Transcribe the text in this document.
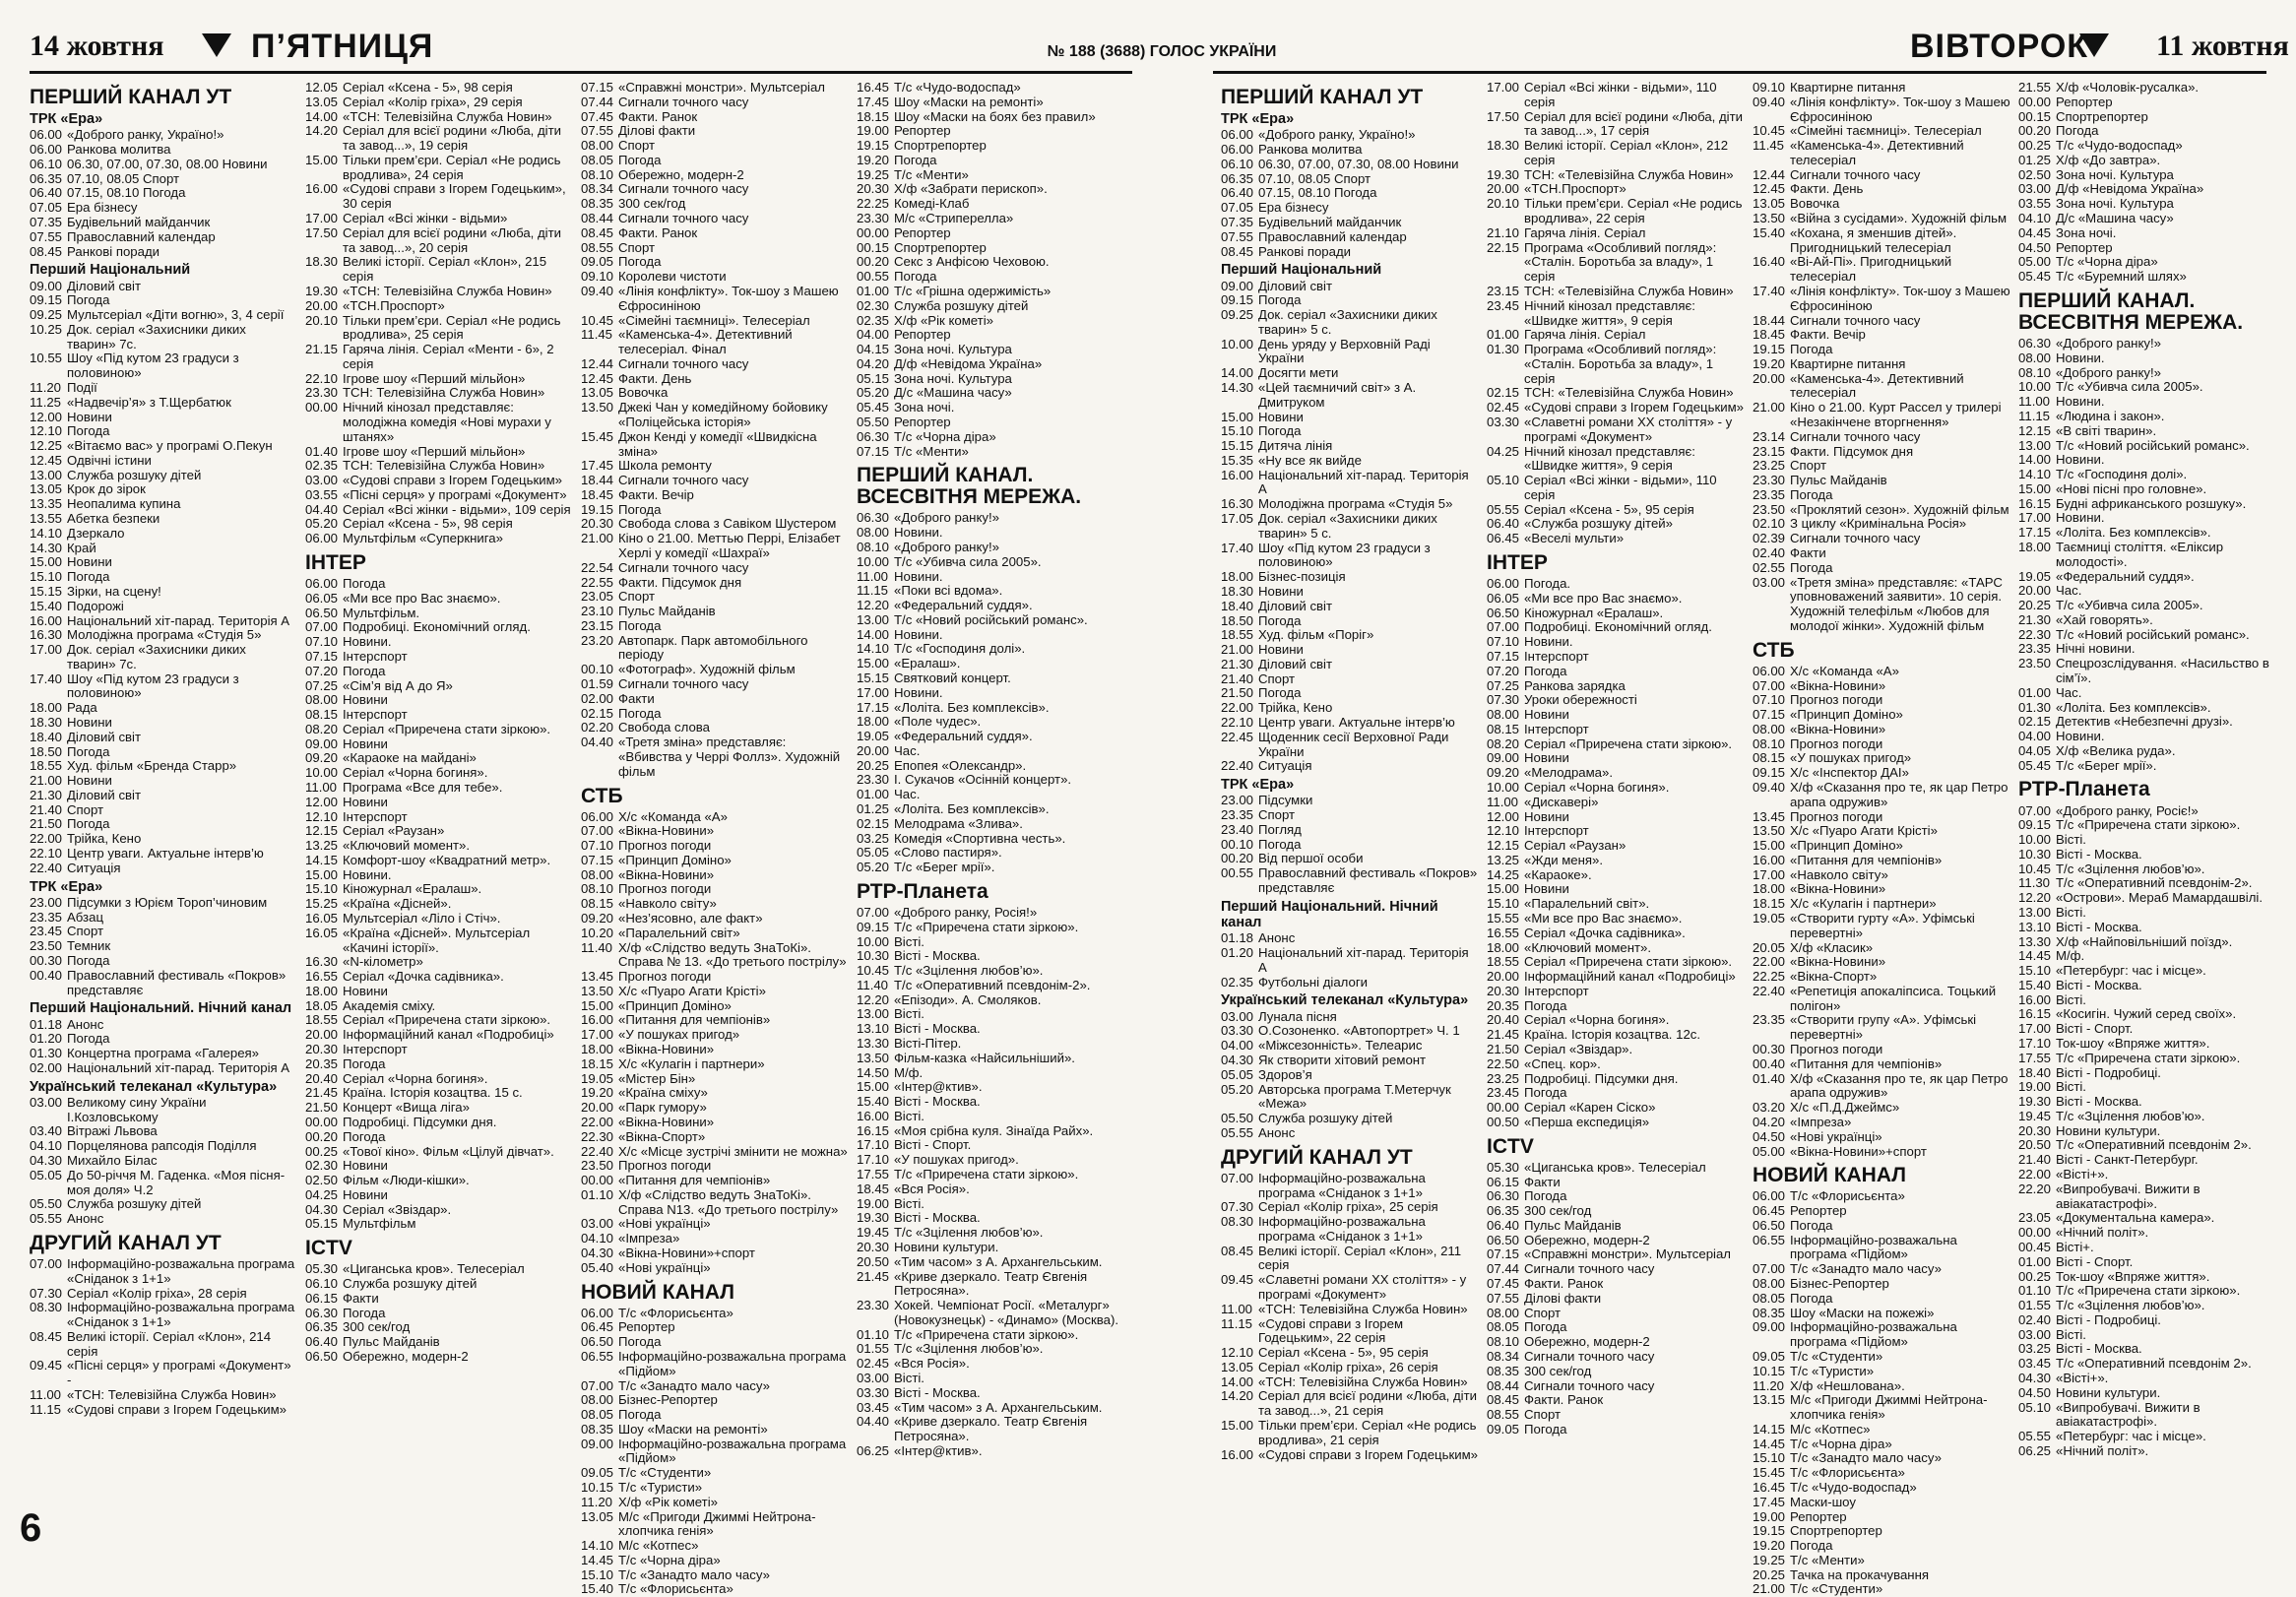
14 жовтня	П’ЯТНИЦЯ	№ 188 (3688) ГОЛОС УКРАЇНИ	ВІВТОРОК 11 жовтня
ПЕРШИЙ КАНАЛ УТ
ТРК «Ера»
06.00 «Доброго ранку, Україно!»
06.00 Ранкова молитва
06.10 06.30, 07.00, 07.30, 08.00 Новини
06.35 07.10, 08.05 Спорт
06.40 07.15, 08.10 Погода
07.05 Ера бізнесу
07.35 Будівельний майданчик
07.55 Православний календар
08.45 Ранкові поради
Перший Національний
09.00 Діловий світ
09.15 Погода
09.25 Мультсеріал «Діти вогню», 3, 4 серії
10.25 Док. серіал «Захисники диких тварин» 7с.
10.55 Шоу «Під кутом 23 градуси з половиною»
11.20 Події
11.25 «Надвечір’я» з Т.Щербатюк
12.00 Новини
12.10 Погода
12.25 «Вітаємо вас» у програмі О.Пекун
12.45 Одвічні істини
13.00 Служба розшуку дітей
13.05 Крок до зірок
13.35 Неопалима купина
13.55 Абетка безпеки
14.10 Дзеркало
14.30 Край
15.00 Новини
15.10 Погода
15.15 Зірки, на сцену!
15.40 Подорожі
16.00 Національний хіт-парад. Територія А
16.30 Молодіжна програма «Студія 5»
17.00 Док. серіал «Захисники диких тварин» 7с.
17.40 Шоу «Під кутом 23 градуси з половиною»
18.00 Рада
18.30 Новини
18.40 Діловий світ
18.50 Погода
18.55 Худ. фільм «Бренда Старр»
21.00 Новини
21.30 Діловий світ
21.40 Спорт
21.50 Погода
22.00 Трійка, Кено
22.10 Центр уваги. Актуальне інтерв’ю
22.40 Ситуація
ТРК «Ера»
23.00 Підсумки з Юрієм Тороп’чиновим
23.35 Абзац
23.45 Спорт
23.50 Темник
00.30 Погода
00.40 Православний фестиваль «Покров» представляє
Перший Національний. Нічний канал
01.18 Анонс
01.20 Погода
01.30 Концертна програма «Галерея»
02.00 Національний хіт-парад. Територія А
Український телеканал «Культура»
03.00 Великому сину України І.Козловському
03.40 Вітражі Львова
04.10 Порцелянова рапсодія Поділля
04.30 Михайло Білас
05.05 До 50-річчя М. Гаденка. «Моя пісня-моя доля» Ч.2
05.50 Служба розшуку дітей
05.55 Анонс
ДРУГИЙ КАНАЛ УТ
07.00 Інформаційно-розважальна програма «Сніданок з 1+1»
07.30 Серіал «Колір гріха», 28 серія
08.30 Інформаційно-розважальна програма «Сніданок з 1+1»
08.45 Великі історії. Серіал «Клон», 214 серія
09.45 «Пісні серця» у програмі «Документ» -
11.00 «ТСН: Телевізійна Служба Новин»
11.15 «Судові справи з Ігорем Годецьким»
12.05 Серіал «Ксена - 5», 98 серія
13.05 Серіал «Колір гріха», 29 серія
14.00 «ТСН: Телевізійна Служба Новин»
14.20 Серіал для всієї родини «Люба, діти та завод...», 19 серія
15.00 Тільки прем’єри. Серіал «Не родись вродлива», 24 серія
16.00 «Судові справи з Ігорем Годецьким», 30 серія
17.00 Серіал «Всі жінки - відьми»
17.50 Серіал для всієї родини «Люба, діти та завод...», 20 серія
18.30 Великі історії. Серіал «Клон», 215 серія
19.30 «ТСН: Телевізійна Служба Новин»
20.00 «ТСН.Проспорт»
20.10 Тільки прем’єри. Серіал «Не родись вродлива», 25 серія
21.15 Гаряча лінія. Серіал «Менти - 6», 2 серія
22.10 Ігрове шоу «Перший мільйон»
23.30 ТСН: Телевізійна Служба Новин»
00.00 Нічний кінозал представляє: молодіжна комедія «Нові мурахи у штанях»
01.40 Ігрове шоу «Перший мільйон»
02.35 ТСН: Телевізійна Служба Новин»
03.00 «Судові справи з Ігорем Годецьким»
03.55 «Пісні серця» у програмі «Документ»
04.40 Серіал «Всі жінки - відьми», 109 серія
05.20 Серіал «Ксена - 5», 98 серія
06.00 Мультфільм «Суперкнига»
ІНТЕР
06.00 Погода
06.05 «Ми все про Вас знаємо».
06.50 Мультфільм.
07.00 Подробиці. Економічний огляд.
07.10 Новини.
07.15 Інтерспорт
07.20 Погода
07.25 «Сім’я від А до Я»
08.00 Новини
08.15 Інтерспорт
08.20 Серіал «Приречена стати зіркою».
09.00 Новини
09.20 «Караоке на майдані»
10.00 Серіал «Чорна богиня».
11.00 Програма «Все для тебе».
12.00 Новини
12.10 Інтерспорт
12.15 Серіал «Раузан»
13.25 «Ключовий момент».
14.15 Комфорт-шоу «Квадратний метр».
15.00 Новини.
15.10 Кіножурнал «Ералаш».
15.25 «Країна «Дісней».
16.05 Мультсеріал «Ліло і Стіч».
16.05 «Країна «Дісней». Мультсеріал «Качині історії».
16.30 «N-кілометр»
16.55 Серіал «Дочка садівника».
18.00 Новини
18.05 Академія сміху.
18.55 Серіал «Приречена стати зіркою».
20.00 Інформаційний канал «Подробиці»
20.30 Інтерспорт
20.35 Погода
20.40 Серіал «Чорна богиня».
21.45 Країна. Історія козацтва. 15 с.
21.50 Концерт «Вища ліга»
00.00 Подробиці. Підсумки дня.
00.20 Погода
00.25 «Тової кіно». Фільм «Цілуй дівчат».
02.30 Новини
02.50 Фільм «Люди-кішки».
04.25 Новини
04.30 Серіал «Звіздар».
05.15 Мультфільм
ICTV
05.30 «Циганська кров». Телесеріал
06.10 Служба розшуку дітей
06.15 Факти
06.30 Погода
06.35 300 сек/год
06.40 Пульс Майданів
06.50 Обережно, модерн-2
07.15 «Справжні монстри». Мультсеріал
07.44 Сигнали точного часу
07.45 Факти. Ранок
07.55 Ділові факти
08.00 Спорт
08.05 Погода
08.10 Обережно, модерн-2
08.34 Сигнали точного часу
08.35 300 сек/год
08.44 Сигнали точного часу
08.45 Факти. Ранок
08.55 Спорт
09.05 Погода
09.10 Королеви чистоти
09.40 «Лінія конфлікту». Ток-шоу з Машею Єфросиніною
10.45 «Сімейні таємниці». Телесеріал
11.45 «Каменська-4». Детективний телесеріал. Фінал
12.44 Сигнали точного часу
12.45 Факти. День
13.05 Вовочка
13.50 Джекі Чан у комедійному бойовику «Поліцейська історія»
15.45 Джон Кенді у комедії «Швидкісна зміна»
17.45 Школа ремонту
18.44 Сигнали точного часу
18.45 Факти. Вечір
19.15 Погода
20.30 Свобода слова з Савіком Шустером
21.00 Кіно о 21.00. Меттью Перрі, Елізабет Херлі у комедії «Шахраї»
22.54 Сигнали точного часу
22.55 Факти. Підсумок дня
23.05 Спорт
23.10 Пульс Майданів
23.15 Погода
23.20 Автопарк. Парк автомобільного періоду
00.10 «Фотограф». Художній фільм
01.59 Сигнали точного часу
02.00 Факти
02.15 Погода
02.20 Свобода слова
04.40 «Третя зміна» представляє: «Вбивства у Черрі Фоллз». Художній фільм
СТБ
06.00 Х/с «Команда «А»
07.00 «Вікна-Новини»
07.10 Прогноз погоди
07.15 «Принцип Доміно»
08.00 «Вікна-Новини»
08.10 Прогноз погоди
08.15 «Навколо світу»
09.20 «Нез’ясовно, але факт»
10.20 «Паралельний світ»
11.40 Х/ф «Слідство ведуть ЗнаТоКі». Справа № 13. «До третього пострілу»
13.45 Прогноз погоди
13.50 Х/с «Пуаро Агати Крісті»
15.00 «Принцип Доміно»
16.00 «Питання для чемпіонів»
17.00 «У пошуках пригод»
18.00 «Вікна-Новини»
18.15 Х/с «Кулагін і партнери»
19.05 «Містер Бін»
19.20 «Країна сміху»
20.00 «Парк гумору»
22.00 «Вікна-Новини»
22.30 «Вікна-Спорт»
22.40 Х/с «Місце зустрічі змінити не можна»
23.50 Прогноз погоди
00.00 «Питання для чемпіонів»
01.10 Х/ф «Слідство ведуть ЗнаТоКі». Справа N13. «До третього пострілу»
03.00 «Нові українці»
04.10 «Імпреза»
04.30 «Вікна-Новини»+спорт
05.40 «Нові українці»
НОВИЙ КАНАЛ
06.00 Т/с «Флорисьєнта»
06.45 Репортер
06.50 Погода
06.55 Інформаційно-розважальна програма «Підйом»
07.00 Т/с «Занадто мало часу»
08.00 Бізнес-Репортер
08.05 Погода
08.35 Шоу «Маски на ремонті»
09.00 Інформаційно-розважальна програма «Підйом»
09.05 Т/с «Студенти»
10.15 Т/с «Туристи»
11.20 Х/ф «Рік кометі»
13.05 М/с «Пригоди Джиммі Нейтрона-хлопчика генія»
14.10 М/с «Котпес»
14.45 Т/с «Чорна діра»
15.10 Т/с «Занадто мало часу»
15.40 Т/с «Флорисьєнта»
16.45 Т/с «Чудо-водоспад»
17.45 Шоу «Маски на ремонті»
18.15 Шоу «Маски на боях без правил»
19.00 Репортер
19.15 Спортрепортер
19.20 Погода
19.25 Т/с «Менти»
20.30 Х/ф «Забрати перископ».
22.25 Комеді-Клаб
23.30 М/с «Стриперелла»
00.00 Репортер
00.15 Спортрепортер
00.20 Секс з Анфісою Чеховою.
00.55 Погода
01.00 Т/с «Грішна одержимість»
02.30 Служба розшуку дітей
02.35 Х/ф «Рік кометі»
04.00 Репортер
04.15 Зона ночі. Культура
04.20 Д/ф «Невідома Україна»
05.15 Зона ночі. Культура
05.20 Д/с «Машина часу»
05.45 Зона ночі.
05.50 Репортер
06.30 Т/с «Чорна діра»
07.15 Т/с «Менти»
ПЕРШИЙ КАНАЛ. ВСЕСВІТНЯ МЕРЕЖА.
06.30 «Доброго ранку!»
08.00 Новини.
08.10 «Доброго ранку!»
10.00 Т/с «Убивча сила 2005».
11.00 Новини.
11.15 «Поки всі вдома».
12.20 «Федеральний суддя».
13.00 Т/с «Новий російський романс».
14.00 Новини.
14.10 Т/с «Господиня долі».
15.00 «Ералаш».
15.15 Святковий концерт.
17.00 Новини.
17.15 «Лоліта. Без комплексів».
18.00 «Поле чудес».
19.05 «Федеральний суддя».
20.00 Час.
20.25 Епопея «Олександр».
23.30 І. Сукачов «Осінній концерт».
01.00 Час.
01.25 «Лоліта. Без комплексів».
02.15 Мелодрама «Злива».
03.25 Комедія «Спортивна честь».
05.05 «Слово пастиря».
05.20 Т/с «Берег мрії».
РТР-Планета
07.00 «Доброго ранку, Росія!»
09.15 Т/с «Приречена стати зіркою».
10.00 Вісті.
10.30 Вісті - Москва.
10.45 Т/с «Зцілення любов’ю».
11.40 Т/с «Оперативний псевдонім-2».
12.20 «Епізоди». А. Смоляков.
13.00 Вісті.
13.10 Вісті - Москва.
13.30 Вісті-Пітер.
13.50 Фільм-казка «Найсильніший».
14.50 М/ф.
15.00 «Інтер@ктив».
15.40 Вісті - Москва.
16.00 Вісті.
16.15 «Моя срібна куля. Зінаїда Райх».
17.10 Вісті - Спорт.
17.10 «У пошуках пригод».
17.55 Т/с «Приречена стати зіркою».
18.45 «Вся Росія».
19.00 Вісті.
19.30 Вісті - Москва.
19.45 Т/с «Зцілення любов’ю».
20.30 Новини культури.
20.50 «Тим часом» з А. Архангельським.
21.45 «Криве дзеркало. Театр Євгенія Петросяна».
23.30 Хокей. Чемпіонат Росії. «Металург» (Новокузнецьк) - «Динамо» (Москва).
01.10 Т/с «Приречена стати зіркою».
01.55 Т/с «Зцілення любов’ю».
02.45 «Вся Росія».
03.00 Вісті.
03.30 Вісті - Москва.
03.45 «Тим часом» з А. Архангельським.
04.40 «Криве дзеркало. Театр Євгенія Петросяна».
06.25 «Інтер@ктив».
ПЕРШИЙ КАНАЛ УТ
ТРК «Ера»
06.00 «Доброго ранку, Україно!»
06.00 Ранкова молитва
06.10 06.30, 07.00, 07.30, 08.00 Новини
06.35 07.10, 08.05 Спорт
06.40 07.15, 08.10 Погода
07.05 Ера бізнесу
07.35 Будівельний майданчик
07.55 Православний календар
08.45 Ранкові поради
Перший Національний
09.00 Діловий світ
09.15 Погода
09.25 Док. серіал «Захисники диких тварин» 5 с.
10.00 День уряду у Верховній Раді України
14.00 Досягти мети
14.30 «Цей таємничий світ» з А. Дмитруком
15.00 Новини
15.10 Погода
15.15 Дитяча лінія
15.35 «Ну все як вийде
16.00 Національний хіт-парад. Територія А
16.30 Молодіжна програма «Студія 5»
17.05 Док. серіал «Захисники диких тварин» 5 с.
17.40 Шоу «Під кутом 23 градуси з половиною»
18.00 Бізнес-позиція
18.30 Новини
18.40 Діловий світ
18.50 Погода
18.55 Худ. фільм «Поріг»
21.00 Новини
21.30 Діловий світ
21.40 Спорт
21.50 Погода
22.00 Трійка, Кено
22.10 Центр уваги. Актуальне інтерв’ю
22.45 Щоденник сесії Верховної Ради України
22.40 Ситуація
ТРК «Ера»
23.00 Підсумки
23.35 Спорт
23.40 Погляд
00.10 Погода
00.20 Від першої особи
00.55 Православний фестиваль «Покров» представляє
Перший Національний. Нічний канал
01.18 Анонс
01.20 Національний хіт-парад. Територія А
02.35 Футбольні діалоги
Український телеканал «Культура»
03.00 Лунала пісня
03.30 О.Созоненко. «Автопортрет» Ч. 1
04.00 «Міжсезонність». Телеарис
04.30 Як створити хітовий ремонт
05.05 Здоров’я
05.20 Авторська програма Т.Метерчук «Межа»
05.50 Служба розшуку дітей
05.55 Анонс
ДРУГИЙ КАНАЛ УТ
07.00 Інформаційно-розважальна програма «Сніданок з 1+1»
07.30 Серіал «Колір гріха», 25 серія
08.30 Інформаційно-розважальна програма «Сніданок з 1+1»
08.45 Великі історії. Серіал «Клон», 211 серія
09.45 «Славетні романи XX століття» - у програмі «Документ»
11.00 «ТСН: Телевізійна Служба Новин»
11.15 «Судові справи з Ігорем Годецьким», 22 серія
12.10 Серіал «Ксена - 5», 95 серія
13.05 Серіал «Колір гріха», 26 серія
14.00 «ТСН: Телевізійна Служба Новин»
14.20 Серіал для всієї родини «Люба, діти та завод...», 21 серія
15.00 Тільки прем’єри. Серіал «Не родись вродлива», 21 серія
16.00 «Судові справи з Ігорем Годецьким»
17.00 Серіал «Всі жінки - відьми», 110 серія
17.50 Серіал для всієї родини «Люба, діти та завод...», 17 серія
18.30 Великі історії. Серіал «Клон», 212 серія
19.30 ТСН: «Телевізійна Служба Новин»
20.00 «ТСН.Проспорт»
20.10 Тільки прем’єри. Серіал «Не родись вродлива», 22 серія
21.10 Гаряча лінія. Серіал
22.15 Програма «Особливий погляд»: «Сталін. Боротьба за владу», 1 серія
23.15 ТСН: «Телевізійна Служба Новин»
23.45 Нічний кінозал представляє: «Швидке життя», 9 серія
01.00 Гаряча лінія. Серіал
01.30 Програма «Особливий погляд»: «Сталін. Боротьба за владу», 1 серія
02.15 ТСН: «Телевізійна Служба Новин»
02.45 «Судові справи з Ігорем Годецьким»
03.30 «Славетні романи XX століття» - у програмі «Документ»
04.25 Нічний кінозал представляє: «Швидке життя», 9 серія
05.10 Серіал «Всі жінки - відьми», 110 серія
05.55 Серіал «Ксена - 5», 95 серія
06.40 «Служба розшуку дітей»
06.45 «Веселі мульти»
ІНТЕР
06.00 Погода.
06.05 «Ми все про Вас знаємо».
06.50 Кіножурнал «Ералаш».
07.00 Подробиці. Економічний огляд.
07.10 Новини.
07.15 Інтерспорт
07.20 Погода
07.25 Ранкова зарядка
07.30 Уроки обережності
08.00 Новини
08.15 Інтерспорт
08.20 Серіал «Приречена стати зіркою».
09.00 Новини
09.20 «Мелодрама».
10.00 Серіал «Чорна богиня».
11.00 «Дискавері»
12.00 Новини
12.10 Інтерспорт
12.15 Серіал «Раузан»
13.25 «Жди меня».
14.25 «Караоке».
15.00 Новини
15.10 «Паралельний світ».
15.55 «Ми все про Вас знаємо».
16.55 Серіал «Дочка садівника».
18.00 «Ключовий момент».
18.55 Серіал «Приречена стати зіркою».
20.00 Інформаційний канал «Подробиці»
20.30 Інтерспорт
20.35 Погода
20.40 Серіал «Чорна богиня».
21.45 Країна. Історія козацтва. 12с.
21.50 Серіал «Звіздар».
22.50 «Спец. кор».
23.25 Подробиці. Підсумки дня.
23.45 Погода
00.00 Серіал «Карен Сіско»
00.50 «Перша експедиція»
ICTV
05.30 «Циганська кров». Телесеріал
06.15 Факти
06.30 Погода
06.35 300 сек/год
06.40 Пульс Майданів
06.50 Обережно, модерн-2
07.15 «Справжні монстри». Мультсеріал
07.44 Сигнали точного часу
07.45 Факти. Ранок
07.55 Ділові факти
08.00 Спорт
08.05 Погода
08.10 Обережно, модерн-2
08.34 Сигнали точного часу
08.35 300 сек/год
08.44 Сигнали точного часу
08.45 Факти. Ранок
08.55 Спорт
09.05 Погода
09.10 Квартирне питання
09.40 «Лінія конфлікту». Ток-шоу з Машею Єфросиніною
10.45 «Сімейні таємниці». Телесеріал
11.45 «Каменська-4». Детективний телесеріал
12.44 Сигнали точного часу
12.45 Факти. День
13.05 Вовочка
13.50 «Війна з сусідами». Художній фільм
15.40 «Кохана, я зменшив дітей». Пригодницький телесеріал
16.40 «Ві-Ай-Пі». Пригодницький телесеріал
17.40 «Лінія конфлікту». Ток-шоу з Машею Єфросиніною
18.44 Сигнали точного часу
18.45 Факти. Вечір
19.15 Погода
19.20 Квартирне питання
20.00 «Каменська-4». Детективний телесеріал
21.00 Кіно о 21.00. Курт Рассел у трилері «Незакінчене вторгнення»
23.14 Сигнали точного часу
23.15 Факти. Підсумок дня
23.25 Спорт
23.30 Пульс Майданів
23.35 Погода
23.50 «Проклятий сезон». Художній фільм
02.10 З циклу «Кримінальна Росія»
02.39 Сигнали точного часу
02.40 Факти
02.55 Погода
03.00 «Третя зміна» представляє: «ТАРС уповноважений заявити». 10 серія. Художній телефільм «Любов для молодої жінки». Художній фільм
СТБ
06.00 Х/с «Команда «А»
07.00 «Вікна-Новини»
07.10 Прогноз погоди
07.15 «Принцип Доміно»
08.00 «Вікна-Новини»
08.10 Прогноз погоди
08.15 «У пошуках пригод»
09.15 Х/с «Інспектор ДАІ»
09.40 Х/ф «Сказання про те, як цар Петро арапа одружив»
13.45 Прогноз погоди
13.50 Х/с «Пуаро Агати Крісті»
15.00 «Принцип Доміно»
16.00 «Питання для чемпіонів»
17.00 «Навколо світу»
18.00 «Вікна-Новини»
18.15 Х/с «Кулагін і партнери»
19.05 «Створити гурту «А». Уфімські перевертні»
20.05 Х/ф «Класик»
22.00 «Вікна-Новини»
22.25 «Вікна-Спорт»
22.40 «Репетиція апокаліпсиса. Тоцький полігон»
23.35 «Створити групу «А». Уфімські перевертні»
00.30 Прогноз погоди
00.40 «Питання для чемпіонів»
01.40 Х/ф «Сказання про те, як цар Петро арапа одружив»
03.20 Х/с «П.Д.Джеймс»
04.20 «Імпреза»
04.50 «Нові українці»
05.00 «Вікна-Новини»+спорт
НОВИЙ КАНАЛ
06.00 Т/с «Флорисьєнта»
06.45 Репортер
06.50 Погода
06.55 Інформаційно-розважальна програма «Підйом»
07.00 Т/с «Занадто мало часу»
08.00 Бізнес-Репортер
08.05 Погода
08.35 Шоу «Маски на пожежі»
09.00 Інформаційно-розважальна програма «Підйом»
09.05 Т/с «Студенти»
10.15 Т/с «Туристи»
11.20 Х/ф «Нешлована».
13.15 М/с «Пригоди Джиммі Нейтрона-хлопчика генія»
14.15 М/с «Котпес»
14.45 Т/с «Чорна діра»
15.10 Т/с «Занадто мало часу»
15.45 Т/с «Флорисьєнта»
16.45 Т/с «Чудо-водоспад»
17.45 Маски-шоу
19.00 Репортер
19.15 Спортрепортер
19.20 Погода
19.25 Т/с «Менти»
20.25 Тачка на прокачування
21.00 Т/с «Студенти»
21.55 Х/ф «Чоловік-русалка».
00.00 Репортер
00.15 Спортрепортер
00.20 Погода
00.25 Т/с «Чудо-водоспад»
01.25 Х/ф «До завтра».
02.50 Зона ночі. Культура
03.00 Д/ф «Невідома Україна»
03.55 Зона ночі. Культура
04.10 Д/с «Машина часу»
04.45 Зона ночі.
04.50 Репортер
05.00 Т/с «Чорна діра»
05.45 Т/с «Буремний шлях»
ПЕРШИЙ КАНАЛ. ВСЕСВІТНЯ МЕРЕЖА.
06.30 «Доброго ранку!»
08.00 Новини.
08.10 «Доброго ранку!»
10.00 Т/с «Убивча сила 2005».
11.00 Новини.
11.15 «Людина і закон».
12.15 «В світі тварин».
13.00 Т/с «Новий російський романс».
14.00 Новини.
14.10 Т/с «Господиня долі».
15.00 «Нові пісні про головне».
16.15 Будні африканського розшуку».
17.00 Новини.
17.15 «Лоліта. Без комплексів».
18.00 Таємниці століття. «Еліксир молодості».
19.05 «Федеральний суддя».
20.00 Час.
20.25 Т/с «Убивча сила 2005».
21.30 «Хай говорять».
22.30 Т/с «Новий російський романс».
23.35 Нічні новини.
23.50 Спецрозслідування. «Насильство в сім’ї».
01.00 Час.
01.30 «Лоліта. Без комплексів».
02.15 Детектив «Небезпечні друзі».
04.00 Новини.
04.05 Х/ф «Велика руда».
05.45 Т/с «Берег мрії».
РТР-Планета
07.00 «Доброго ранку, Росіє!»
09.15 Т/с «Приречена стати зіркою».
10.00 Вісті.
10.30 Вісті - Москва.
10.45 Т/с «Зцілення любов’ю».
11.30 Т/с «Оперативний псевдонім-2».
12.20 «Острови». Мераб Мамардашвілі.
13.00 Вісті.
13.10 Вісті - Москва.
13.30 Х/ф «Найповільніший поїзд».
14.45 М/ф.
15.10 «Петербург: час і місце».
15.40 Вісті - Москва.
16.00 Вісті.
16.15 «Косигін. Чужий серед своїх».
17.00 Вісті - Спорт.
17.10 Ток-шоу «Впряже життя».
17.55 Т/с «Приречена стати зіркою».
18.40 Вісті - Подробиці.
19.00 Вісті.
19.30 Вісті - Москва.
19.45 Т/с «Зцілення любов’ю».
20.30 Новини культури.
20.50 Т/с «Оперативний псевдонім 2».
21.40 Вісті - Санкт-Петербург.
22.00 «Вісті+».
22.20 «Випробувачі. Вижити в авіакатастрофі».
23.05 «Документальна камера».
00.00 «Нічний політ».
00.45 Вісті+.
01.00 Вісті - Спорт.
00.25 Ток-шоу «Впряже життя».
01.10 Т/с «Приречена стати зіркою».
01.55 Т/с «Зцілення любов’ю».
02.40 Вісті - Подробиці.
03.00 Вісті.
03.25 Вісті - Москва.
03.45 Т/с «Оперативний псевдонім 2».
04.30 «Вісті+».
04.50 Новини культури.
05.10 «Випробувачі. Вижити в авіакатастрофі».
05.55 «Петербург: час і місце».
06.25 «Нічний політ».
6
